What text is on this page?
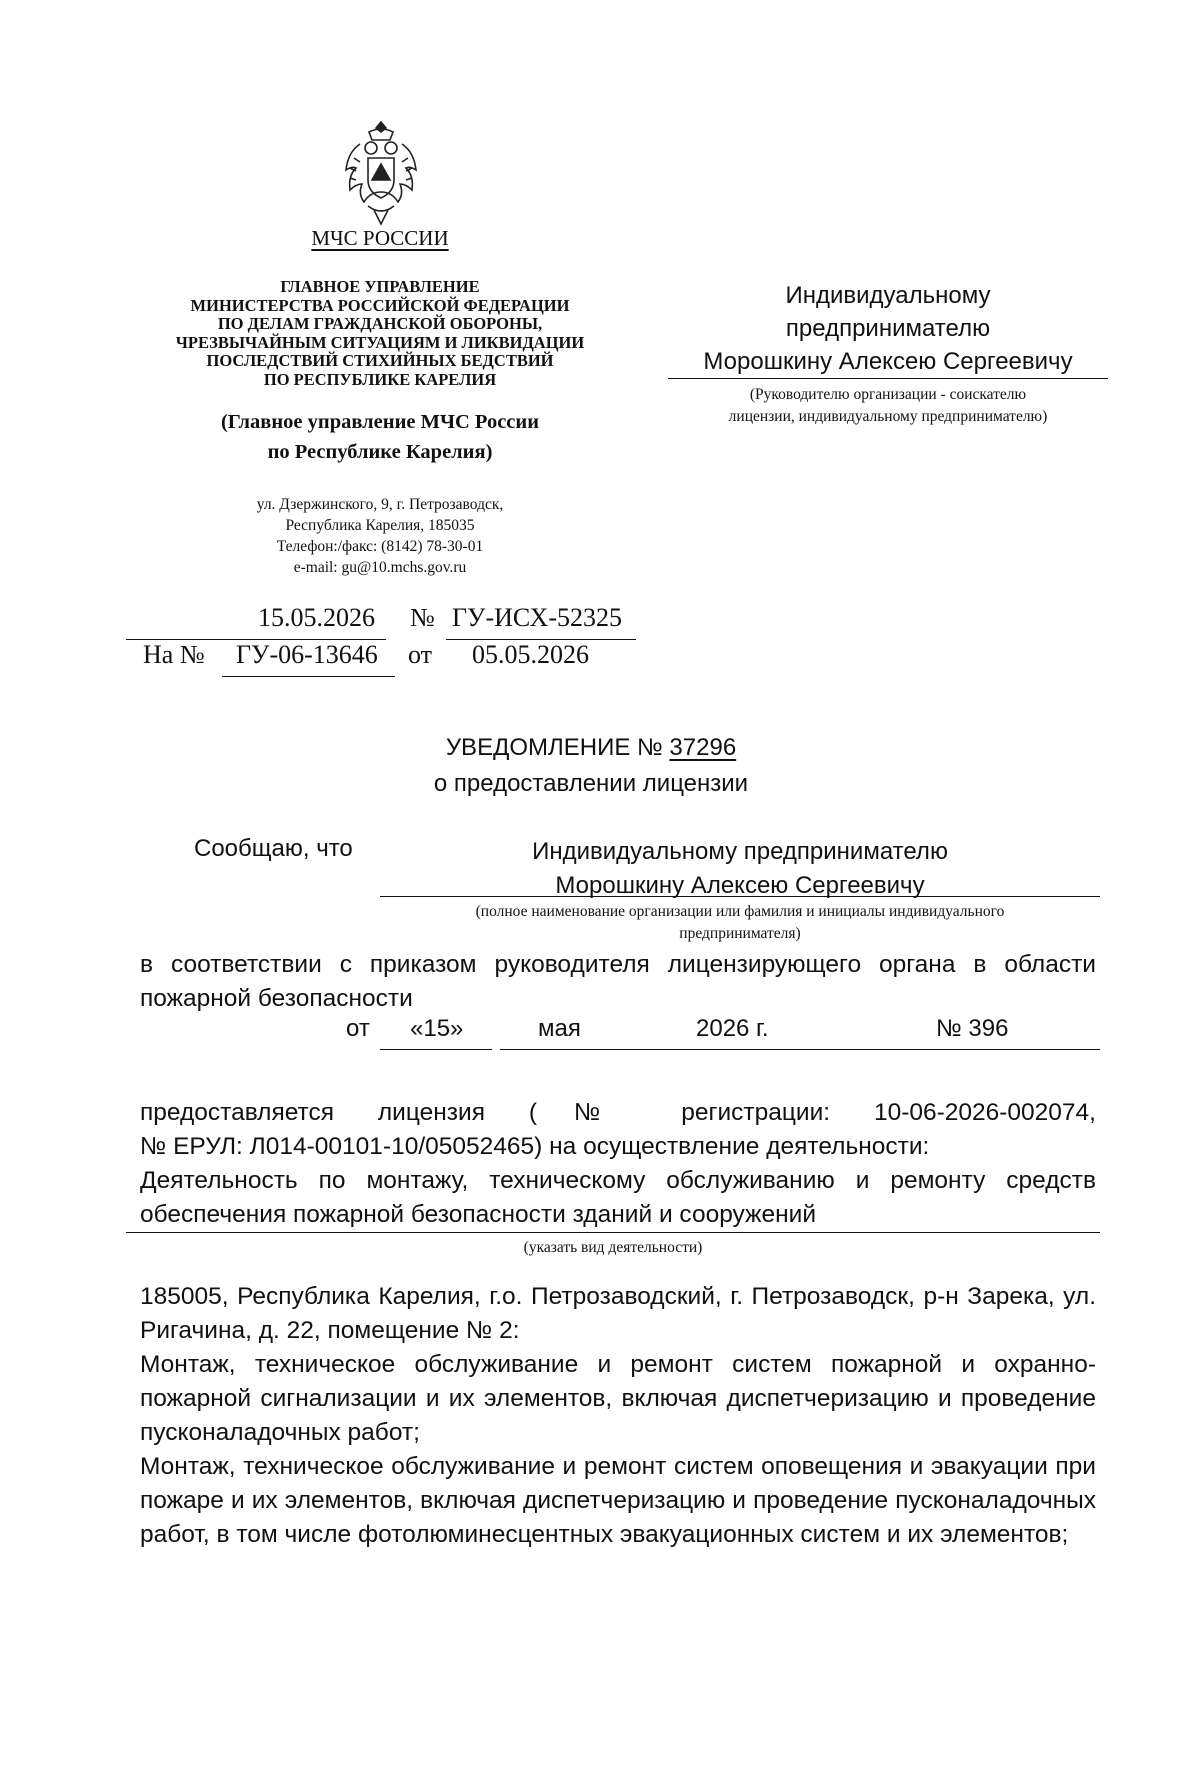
МЧС РОССИИ
ГЛАВНОЕ УПРАВЛЕНИЕ
МИНИСТЕРСТВА РОССИЙСКОЙ ФЕДЕРАЦИИ
ПО ДЕЛАМ ГРАЖДАНСКОЙ ОБОРОНЫ,
ЧРЕЗВЫЧАЙНЫМ СИТУАЦИЯМ И ЛИКВИДАЦИИ
ПОСЛЕДСТВИЙ СТИХИЙНЫХ БЕДСТВИЙ
ПО РЕСПУБЛИКЕ КАРЕЛИЯ
(Главное управление МЧС России
по Республике Карелия)
ул. Дзержинского, 9, г. Петрозаводск,
Республика Карелия, 185035
Телефон:/факс: (8142) 78-30-01
e-mail: gu@10.mchs.gov.ru
Индивидуальному
предпринимателю
Морошкину Алексею Сергеевичу
(Руководителю организации - соискателю
лицензии, индивидуальному предпринимателю)
15.05.2026 № ГУ-ИСХ-52325
На № ГУ-06-13646 от 05.05.2026
УВЕДОМЛЕНИЕ № 37296
о предоставлении лицензии
Сообщаю, что	Индивидуальному предпринимателю
Морошкину Алексею Сергеевичу
(полное наименование организации или фамилия и инициалы индивидуального
предпринимателя)

в соответствии с приказом руководителя лицензирующего органа в области

пожарной безопасности

от «15»	мая	2026 г.	№ 396

предоставляется лицензия (№ регистрации: 10-06-2026-002074,

№ ЕРУЛ: Л014-00101-10/05052465) на осуществление деятельности:

Деятельность по монтажу, техническому обслуживанию и ремонту средств

обеспечения пожарной безопасности зданий и сооружений

(указать вид деятельности)

185005, Республика Карелия, г.о. Петрозаводский, г. Петрозаводск, р-н Зарека, ул. Ригачина, д. 22, помещение № 2:

Монтаж, техническое обслуживание и ремонт систем пожарной и охранно-пожарной сигнализации и их элементов, включая диспетчеризацию и проведение пусконаладочных работ;

Монтаж, техническое обслуживание и ремонт систем оповещения и эвакуации при пожаре и их элементов, включая диспетчеризацию и проведение пусконаладочных работ, в том числе фотолюминесцентных эвакуационных систем и их элементов;
